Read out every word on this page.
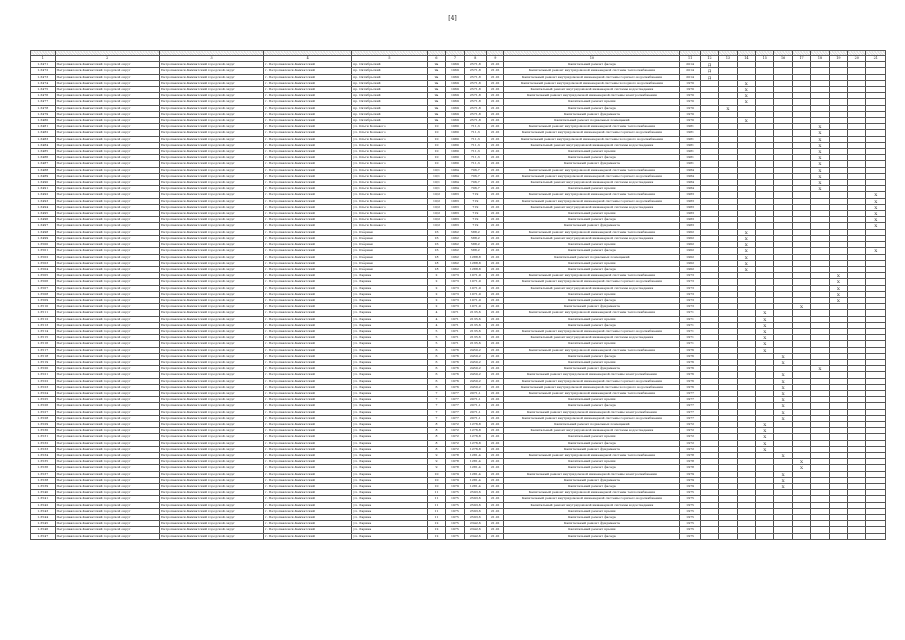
[4]

1	2	3	4	5	6	7	8	9	10	11	12	13	14	15	16	17	18	19	20	21
1.3471	Петропавловск-Камчатский городской округ	Петропавловск-Камчатский городской округ	г. Петропавловск-Камчатский	пр. Октябрьский	9а	1969	2571,8	21.01	Капитальный ремонт фасада	2014	Д									
1.3472	Петропавловск-Камчатский городской округ	Петропавловск-Камчатский городской округ	г. Петропавловск-Камчатский	пр. Октябрьский	9а	1969	2571,8	21.01	Капитальный ремонт внутридомовой инженерной системы теплоснабжения	2014	Д									
1.3473	Петропавловск-Камчатский городской округ	Петропавловск-Камчатский городской округ	г. Петропавловск-Камчатский	пр. Октябрьский	9а	1969	2571,8	21.01	Капитальный ремонт внутридомовой инженерной системы горячего водоснабжения	2014	Д									
1.3474	Петропавловск-Камчатский городской округ	Петропавловск-Камчатский городской округ	г. Петропавловск-Камчатский	пр. Октябрьский	9а	1969	2571,8	21.01	Капитальный ремонт внутридомовой инженерной системы холодного водоснабжения	1970			X							
1.3475	Петропавловск-Камчатский городской округ	Петропавловск-Камчатский городской округ	г. Петропавловск-Камчатский	пр. Октябрьский	9а	1969	2571,8	21.01	Капитальный ремонт внутридомовой инженерной системы водоотведения	1970			X							
1.3476	Петропавловск-Камчатский городской округ	Петропавловск-Камчатский городской округ	г. Петропавловск-Камчатский	пр. Октябрьский	9а	1969	2571,8	21.01	Капитальный ремонт внутридомовой инженерной системы электроснабжения	1970			X							
1.3477	Петропавловск-Камчатский городской округ	Петропавловск-Камчатский городской округ	г. Петропавловск-Камчатский	пр. Октябрьский	9а	1969	2571,8	21.01	Капитальный ремонт крыши	1970			X							
1.3478	Петропавловск-Камчатский городской округ	Петропавловск-Камчатский городской округ	г. Петропавловск-Камчатский	пр. Октябрьский	9а	1969	2571,8	21.01	Капитальный ремонт фасада	1970		X								
1.3479	Петропавловск-Камчатский городской округ	Петропавловск-Камчатский городской округ	г. Петропавловск-Камчатский	пр. Октябрьский	9а	1969	2571,8	21.01	Капитальный ремонт фундамента	1970										
1.3480	Петропавловск-Камчатский городской округ	Петропавловск-Камчатский городской округ	г. Петропавловск-Камчатский	пр. Октябрьский	9а	1969	2571,8	21.01	Капитальный ремонт подвальных помещений	1970			X							
1.3481	Петропавловск-Камчатский городской округ	Петропавловск-Камчатский городской округ	г. Петропавловск-Камчатский	ул. Ольги Кошевого	10	1980	711,3	21.01	Капитальный ремонт внутридомовой инженерной системы теплоснабжения	1981							X			
1.3482	Петропавловск-Камчатский городской округ	Петропавловск-Камчатский городской округ	г. Петропавловск-Камчатский	ул. Ольги Кошевого	10	1980	711,3	21.01	Капитальный ремонт внутридомовой инженерной системы горячего водоснабжения	1981							X			
1.3483	Петропавловск-Камчатский городской округ	Петропавловск-Камчатский городской округ	г. Петропавловск-Камчатский	ул. Ольги Кошевого	10	1980	711,3	21.01	Капитальный ремонт внутридомовой инженерной системы холодного водоснабжения	1981							X			
1.3484	Петропавловск-Камчатский городской округ	Петропавловск-Камчатский городской округ	г. Петропавловск-Камчатский	ул. Ольги Кошевого	10	1980	711,3	21.01	Капитальный ремонт внутридомовой инженерной системы водоотведения	1981							X			
1.3485	Петропавловск-Камчатский городской округ	Петропавловск-Камчатский городской округ	г. Петропавловск-Камчатский	ул. Ольги Кошевого	10	1980	711,3	21.01	Капитальный ремонт крыши	1981							X			
1.3486	Петропавловск-Камчатский городской округ	Петропавловск-Камчатский городской округ	г. Петропавловск-Камчатский	ул. Ольги Кошевого	10	1980	711,3	21.01	Капитальный ремонт фасада	1981							X			
1.3487	Петропавловск-Камчатский городской округ	Петропавловск-Камчатский городской округ	г. Петропавловск-Камчатский	ул. Ольги Кошевого	10	1980	711,3	21.01	Капитальный ремонт фундамента	1981							X			
1.3488	Петропавловск-Камчатский городской округ	Петропавловск-Камчатский городской округ	г. Петропавловск-Камчатский	ул. Ольги Кошевого	10/1	1984	706,7	21.01	Капитальный ремонт внутридомовой инженерной системы теплоснабжения	1984							X			
1.3489	Петропавловск-Камчатский городской округ	Петропавловск-Камчатский городской округ	г. Петропавловск-Камчатский	ул. Ольги Кошевого	10/1	1984	706,7	21.01	Капитальный ремонт внутридомовой инженерной системы горячего водоснабжения	1984							X			
1.3490	Петропавловск-Камчатский городской округ	Петропавловск-Камчатский городской округ	г. Петропавловск-Камчатский	ул. Ольги Кошевого	10/1	1984	706,7	21.01	Капитальный ремонт внутридомовой инженерной системы водоотведения	1984							X			
1.3491	Петропавловск-Камчатский городской округ	Петропавловск-Камчатский городской округ	г. Петропавловск-Камчатский	ул. Ольги Кошевого	10/1	1984	706,7	21.01	Капитальный ремонт крыши	1984							X			
1.3492	Петропавловск-Камчатский городской округ	Петропавловск-Камчатский городской округ	г. Петропавловск-Камчатский	ул. Ольги Кошевого	10/2	1983	719	21.01	Капитальный ремонт внутридомовой инженерной системы теплоснабжения	1983										X
1.3493	Петропавловск-Камчатский городской округ	Петропавловск-Камчатский городской округ	г. Петропавловск-Камчатский	ул. Ольги Кошевого	10/2	1983	719	21.01	Капитальный ремонт внутридомовой инженерной системы горячего водоснабжения	1983										X
1.3494	Петропавловск-Камчатский городской округ	Петропавловск-Камчатский городской округ	г. Петропавловск-Камчатский	ул. Ольги Кошевого	10/2	1983	719	21.01	Капитальный ремонт внутридомовой инженерной системы водоотведения	1983										X
1.3495	Петропавловск-Камчатский городской округ	Петропавловск-Камчатский городской округ	г. Петропавловск-Камчатский	ул. Ольги Кошевого	10/2	1983	719	21.01	Капитальный ремонт крыши	1983										X
1.3496	Петропавловск-Камчатский городской округ	Петропавловск-Камчатский городской округ	г. Петропавловск-Камчатский	ул. Ольги Кошевого	10/2	1983	719	21.01	Капитальный ремонт фасада	1983										X
1.3497	Петропавловск-Камчатский городской округ	Петропавловск-Камчатский городской округ	г. Петропавловск-Камчатский	ул. Ольги Кошевого	10/2	1983	719	21.01	Капитальный ремонт фундамента	1983										X
1.3498	Петропавловск-Камчатский городской округ	Петропавловск-Камчатский городской округ	г. Петропавловск-Камчатский	ул. Озёрная	16	1962	588,2	21.01	Капитальный ремонт внутридомовой инженерной системы теплоснабжения	1962			X							
1.3499	Петропавловск-Камчатский городской округ	Петропавловск-Камчатский городской округ	г. Петропавловск-Камчатский	ул. Озёрная	16	1962	588,2	21.01	Капитальный ремонт внутридомовой инженерной системы водоотведения	1962			X							
1.3500	Петропавловск-Камчатский городской округ	Петропавловск-Камчатский городской округ	г. Петропавловск-Камчатский	ул. Озёрная	16	1962	588,2	21.01	Капитальный ремонт крыши	1962			X							
1.3501	Петропавловск-Камчатский городской округ	Петропавловск-Камчатский городской округ	г. Петропавловск-Камчатский	ул. Озёрная	16	1962	588,2	21.01	Капитальный ремонт фасада	1962			X							X
1.3502	Петропавловск-Камчатский городской округ	Петропавловск-Камчатский городской округ	г. Петропавловск-Камчатский	ул. Озёрная	18	1962	1288,8	21.01	Капитальный ремонт подвальных помещений	1962			X							
1.3503	Петропавловск-Камчатский городской округ	Петропавловск-Камчатский городской округ	г. Петропавловск-Камчатский	ул. Озёрная	18	1962	1288,8	21.01	Капитальный ремонт крыши	1962			X							
1.3504	Петропавловск-Камчатский городской округ	Петропавловск-Камчатский городской округ	г. Петропавловск-Камчатский	ул. Озёрная	18	1962	1288,8	21.01	Капитальный ремонт фасада	1962			X							
1.3505	Петропавловск-Камчатский городской округ	Петропавловск-Камчатский городской округ	г. Петропавловск-Камчатский	ул. Ларина	2	1973	1071,9	21.01	Капитальный ремонт внутридомовой инженерной системы теплоснабжения	1973								X		
1.3506	Петропавловск-Камчатский городской округ	Петропавловск-Камчатский городской округ	г. Петропавловск-Камчатский	ул. Ларина	2	1973	1071,9	21.01	Капитальный ремонт внутридомовой инженерной системы горячего водоснабжения	1973								X		
1.3507	Петропавловск-Камчатский городской округ	Петропавловск-Камчатский городской округ	г. Петропавловск-Камчатский	ул. Ларина	2	1973	1071,9	21.01	Капитальный ремонт внутридомовой инженерной системы водоотведения	1973								X		
1.3508	Петропавловск-Камчатский городской округ	Петропавловск-Камчатский городской округ	г. Петропавловск-Камчатский	ул. Ларина	2	1973	1071,9	21.01	Капитальный ремонт крыши	1973								X		
1.3509	Петропавловск-Камчатский городской округ	Петропавловск-Камчатский городской округ	г. Петропавловск-Камчатский	ул. Ларина	2	1973	1071,9	21.01	Капитальный ремонт фасада	1973								X		
1.3510	Петропавловск-Камчатский городской округ	Петропавловск-Камчатский городской округ	г. Петропавловск-Камчатский	ул. Ларина	2	1973	1071,9	21.01	Капитальный ремонт фундамента	1973						X				
1.3511	Петропавловск-Камчатский городской округ	Петропавловск-Камчатский городской округ	г. Петропавловск-Камчатский	ул. Ларина	4	1971	2135,6	21.01	Капитальный ремонт внутридомовой инженерной системы теплоснабжения	1971				X						
1.3512	Петропавловск-Камчатский городской округ	Петропавловск-Камчатский городской округ	г. Петропавловск-Камчатский	ул. Ларина	4	1971	2135,6	21.01	Капитальный ремонт крыши	1971				X						
1.3513	Петропавловск-Камчатский городской округ	Петропавловск-Камчатский городской округ	г. Петропавловск-Камчатский	ул. Ларина	4	1971	2135,6	21.01	Капитальный ремонт фасада	1971				X						
1.3514	Петропавловск-Камчатский городской округ	Петропавловск-Камчатский городской округ	г. Петропавловск-Камчатский	ул. Ларина	5	1971	2135,6	21.01	Капитальный ремонт внутридомовой инженерной системы горячего водоснабжения	1971				X						
1.3515	Петропавловск-Камчатский городской округ	Петропавловск-Камчатский городской округ	г. Петропавловск-Камчатский	ул. Ларина	5	1971	2135,6	21.01	Капитальный ремонт внутридомовой инженерной системы водоотведения	1971				X						
1.3516	Петропавловск-Камчатский городской округ	Петропавловск-Камчатский городской округ	г. Петропавловск-Камчатский	ул. Ларина	5	1971	2135,6	21.01	Капитальный ремонт крыши	1971				X						
1.3517	Петропавловск-Камчатский городской округ	Петропавловск-Камчатский городской округ	г. Петропавловск-Камчатский	ул. Ларина	6	1976	2450,2	21.01	Капитальный ремонт внутридомовой инженерной системы теплоснабжения	1976				X						
1.3518	Петропавловск-Камчатский городской округ	Петропавловск-Камчатский городской округ	г. Петропавловск-Камчатский	ул. Ларина	6	1976	2450,2	21.01	Капитальный ремонт фасада	1976					X					
1.3519	Петропавловск-Камчатский городской округ	Петропавловск-Камчатский городской округ	г. Петропавловск-Камчатский	ул. Ларина	6	1976	2450,2	21.01	Капитальный ремонт крыши	1976					X					
1.3520	Петропавловск-Камчатский городской округ	Петропавловск-Камчатский городской округ	г. Петропавловск-Камчатский	ул. Ларина	6	1976	2450,2	21.01	Капитальный ремонт фундамента	1976							X			
1.3521	Петропавловск-Камчатский городской округ	Петропавловск-Камчатский городской округ	г. Петропавловск-Камчатский	ул. Ларина	6	1976	2450,2	21.01	Капитальный ремонт внутридомовой инженерной системы электроснабжения	1976					X					
1.3522	Петропавловск-Камчатский городской округ	Петропавловск-Камчатский городской округ	г. Петропавловск-Камчатский	ул. Ларина	6	1976	2450,2	21.01	Капитальный ремонт внутридомовой инженерной системы горячего водоснабжения	1976					X					
1.3523	Петропавловск-Камчатский городской округ	Петропавловск-Камчатский городской округ	г. Петропавловск-Камчатский	ул. Ларина	6	1976	2450,2	21.01	Капитальный ремонт внутридомовой инженерной системы холодного водоснабжения	1976					X					
1.3524	Петропавловск-Камчатский городской округ	Петропавловск-Камчатский городской округ	г. Петропавловск-Камчатский	ул. Ларина	7	1977	2071,1	21.01	Капитальный ремонт внутридомовой инженерной системы теплоснабжения	1977					X					
1.3525	Петропавловск-Камчатский городской округ	Петропавловск-Камчатский городской округ	г. Петропавловск-Камчатский	ул. Ларина	7	1977	2071,1	21.01	Капитальный ремонт крыши	1977					X					
1.3526	Петропавловск-Камчатский городской округ	Петропавловск-Камчатский городской округ	г. Петропавловск-Камчатский	ул. Ларина	7	1977	2071,1	21.01	Капитальный ремонт фасада	1977					X					
1.3527	Петропавловск-Камчатский городской округ	Петропавловск-Камчатский городской округ	г. Петропавловск-Камчатский	ул. Ларина	7	1977	2071,1	21.01	Капитальный ремонт внутридомовой инженерной системы электроснабжения	1977					X					
1.3528	Петропавловск-Камчатский городской округ	Петропавловск-Камчатский городской округ	г. Петропавловск-Камчатский	ул. Ларина	7	1977	2071,1	21.01	Капитальный ремонт внутридомовой инженерной системы горячего водоснабжения	1977					X					
1.3529	Петропавловск-Камчатский городской округ	Петропавловск-Камчатский городской округ	г. Петропавловск-Камчатский	ул. Ларина	8	1972	1276,8	21.01	Капитальный ремонт подвальных помещений	1972				X						
1.3530	Петропавловск-Камчатский городской округ	Петропавловск-Камчатский городской округ	г. Петропавловск-Камчатский	ул. Ларина	8	1972	1276,8	21.01	Капитальный ремонт внутридомовой инженерной системы водоотведения	1972				X						
1.3531	Петропавловск-Камчатский городской округ	Петропавловск-Камчатский городской округ	г. Петропавловск-Камчатский	ул. Ларина	8	1972	1276,8	21.01	Капитальный ремонт крыши	1972				X						
1.3532	Петропавловск-Камчатский городской округ	Петропавловск-Камчатский городской округ	г. Петропавловск-Камчатский	ул. Ларина	8	1972	1276,8	21.01	Капитальный ремонт фасада	1972				X						
1.3533	Петропавловск-Камчатский городской округ	Петропавловск-Камчатский городской округ	г. Петропавловск-Камчатский	ул. Ларина	8	1972	1276,8	21.01	Капитальный ремонт фундамента	1972				X						
1.3534	Петропавловск-Камчатский городской округ	Петропавловск-Камчатский городской округ	г. Петропавловск-Камчатский	ул. Ларина	9	1978	1281,4	21.01	Капитальный ремонт внутридомовой инженерной системы теплоснабжения	1978					X					
1.3535	Петропавловск-Камчатский городской округ	Петропавловск-Камчатский городской округ	г. Петропавловск-Камчатский	ул. Ларина	9	1978	1281,4	21.01	Капитальный ремонт крыши	1978						X				
1.3536	Петропавловск-Камчатский городской округ	Петропавловск-Камчатский городской округ	г. Петропавловск-Камчатский	ул. Ларина	9	1978	1281,4	21.01	Капитальный ремонт фасада	1978						X				
1.3537	Петропавловск-Камчатский городской округ	Петропавловск-Камчатский городской округ	г. Петропавловск-Камчатский	ул. Ларина	10	1979	1281,4	21.01	Капитальный ремонт внутридомовой инженерной системы электроснабжения	1979					X					
1.3538	Петропавловск-Камчатский городской округ	Петропавловск-Камчатский городской округ	г. Петропавловск-Камчатский	ул. Ларина	10	1979	1281,4	21.01	Капитальный ремонт фундамента	1979					X					
1.3539	Петропавловск-Камчатский городской округ	Петропавловск-Камчатский городской округ	г. Петропавловск-Камчатский	ул. Ларина	10	1979	1281,4	21.01	Капитальный ремонт фасада	1979					X					
1.3540	Петропавловск-Камчатский городской округ	Петропавловск-Камчатский городской округ	г. Петропавловск-Камчатский	ул. Ларина	11	1975	2593,6	21.01	Капитальный ремонт внутридомовой инженерной системы теплоснабжения	1975										
1.3541	Петропавловск-Камчатский городской округ	Петропавловск-Камчатский городской округ	г. Петропавловск-Камчатский	ул. Ларина	11	1975	2593,6	21.01	Капитальный ремонт внутридомовой инженерной системы горячего водоснабжения	1975										
1.3542	Петропавловск-Камчатский городской округ	Петропавловск-Камчатский городской округ	г. Петропавловск-Камчатский	ул. Ларина	11	1975	2593,6	21.01	Капитальный ремонт внутридомовой инженерной системы водоотведения	1975										
1.3543	Петропавловск-Камчатский городской округ	Петропавловск-Камчатский городской округ	г. Петропавловск-Камчатский	ул. Ларина	11	1975	2593,6	21.01	Капитальный ремонт крыши	1975										
1.3544	Петропавловск-Камчатский городской округ	Петропавловск-Камчатский городской округ	г. Петропавловск-Камчатский	ул. Ларина	11	1975	2593,6	21.01	Капитальный ремонт фасада	1975										
1.3545	Петропавловск-Камчатский городской округ	Петропавловск-Камчатский городской округ	г. Петропавловск-Камчатский	ул. Ларина	12	1975	2342,6	21.01	Капитальный ремонт фундамента	1975										
1.3546	Петропавловск-Камчатский городской округ	Петропавловск-Камчатский городской округ	г. Петропавловск-Камчатский	ул. Ларина	12	1975	2342,6	21.01	Капитальный ремонт крыши	1975										
1.3547	Петропавловск-Камчатский городской округ	Петропавловск-Камчатский городской округ	г. Петропавловск-Камчатский	ул. Ларина	12	1975	2342,6	21.01	Капитальный ремонт фасада	1975										
